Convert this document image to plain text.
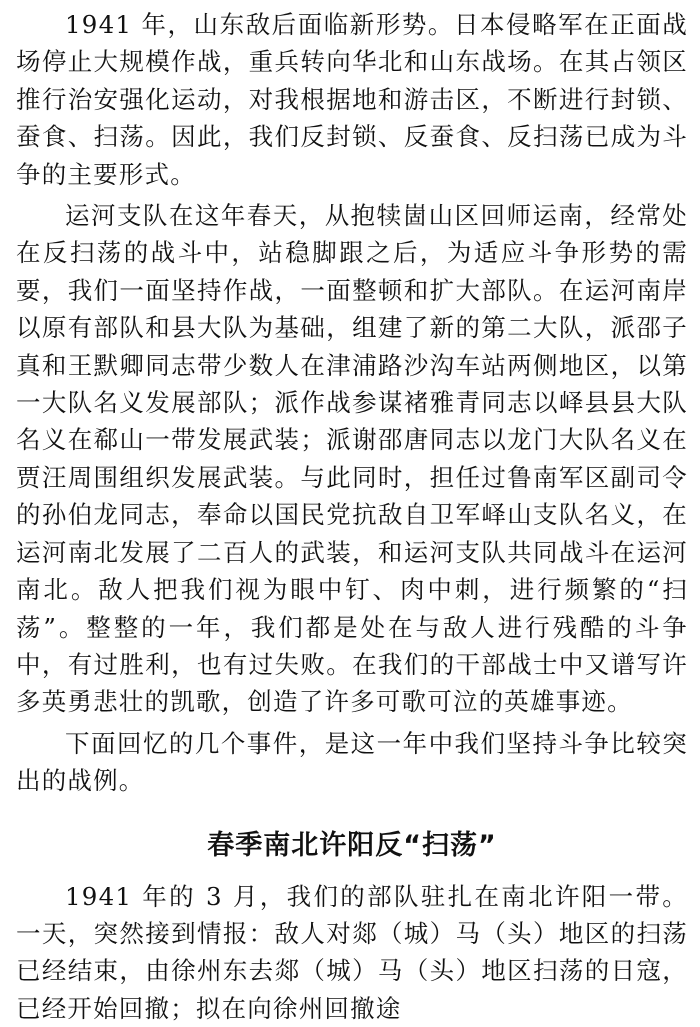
1941 年，山东敌后面临新形势。日本侵略军在正面战场停止大规模作战，重兵转向华北和山东战场。在其占领区推行治安强化运动，对我根据地和游击区，不断进行封锁、蚕食、扫荡。因此，我们反封锁、反蚕食、反扫荡已成为斗争的主要形式。

运河支队在这年春天，从抱犊崮山区回师运南，经常处在反扫荡的战斗中，站稳脚跟之后，为适应斗争形势的需要，我们一面坚持作战，一面整顿和扩大部队。在运河南岸以原有部队和县大队为基础，组建了新的第二大队，派邵子真和王默卿同志带少数人在津浦路沙沟车站两侧地区，以第一大队名义发展部队；派作战参谋褚雅青同志以峄县县大队名义在郗山一带发展武装；派谢邵唐同志以龙门大队名义在贾汪周围组织发展武装。与此同时，担任过鲁南军区副司令的孙伯龙同志，奉命以国民党抗敌自卫军峄山支队名义，在运河南北发展了二百人的武装，和运河支队共同战斗在运河南北。敌人把我们视为眼中钉、肉中刺，进行频繁的“扫荡”。整整的一年，我们都是处在与敌人进行残酷的斗争中，有过胜利，也有过失败。在我们的干部战士中又谱写许多英勇悲壮的凯歌，创造了许多可歌可泣的英雄事迹。

下面回忆的几个事件，是这一年中我们坚持斗争比较突出的战例。

春季南北许阳反“扫荡”

1941 年的 3 月，我们的部队驻扎在南北许阳一带。一天，突然接到情报：敌人对郯（城）马（头）地区的扫荡已经结束，由徐州东去郯（城）马（头）地区扫荡的日寇，已经开始回撤；拟在向徐州回撤途
